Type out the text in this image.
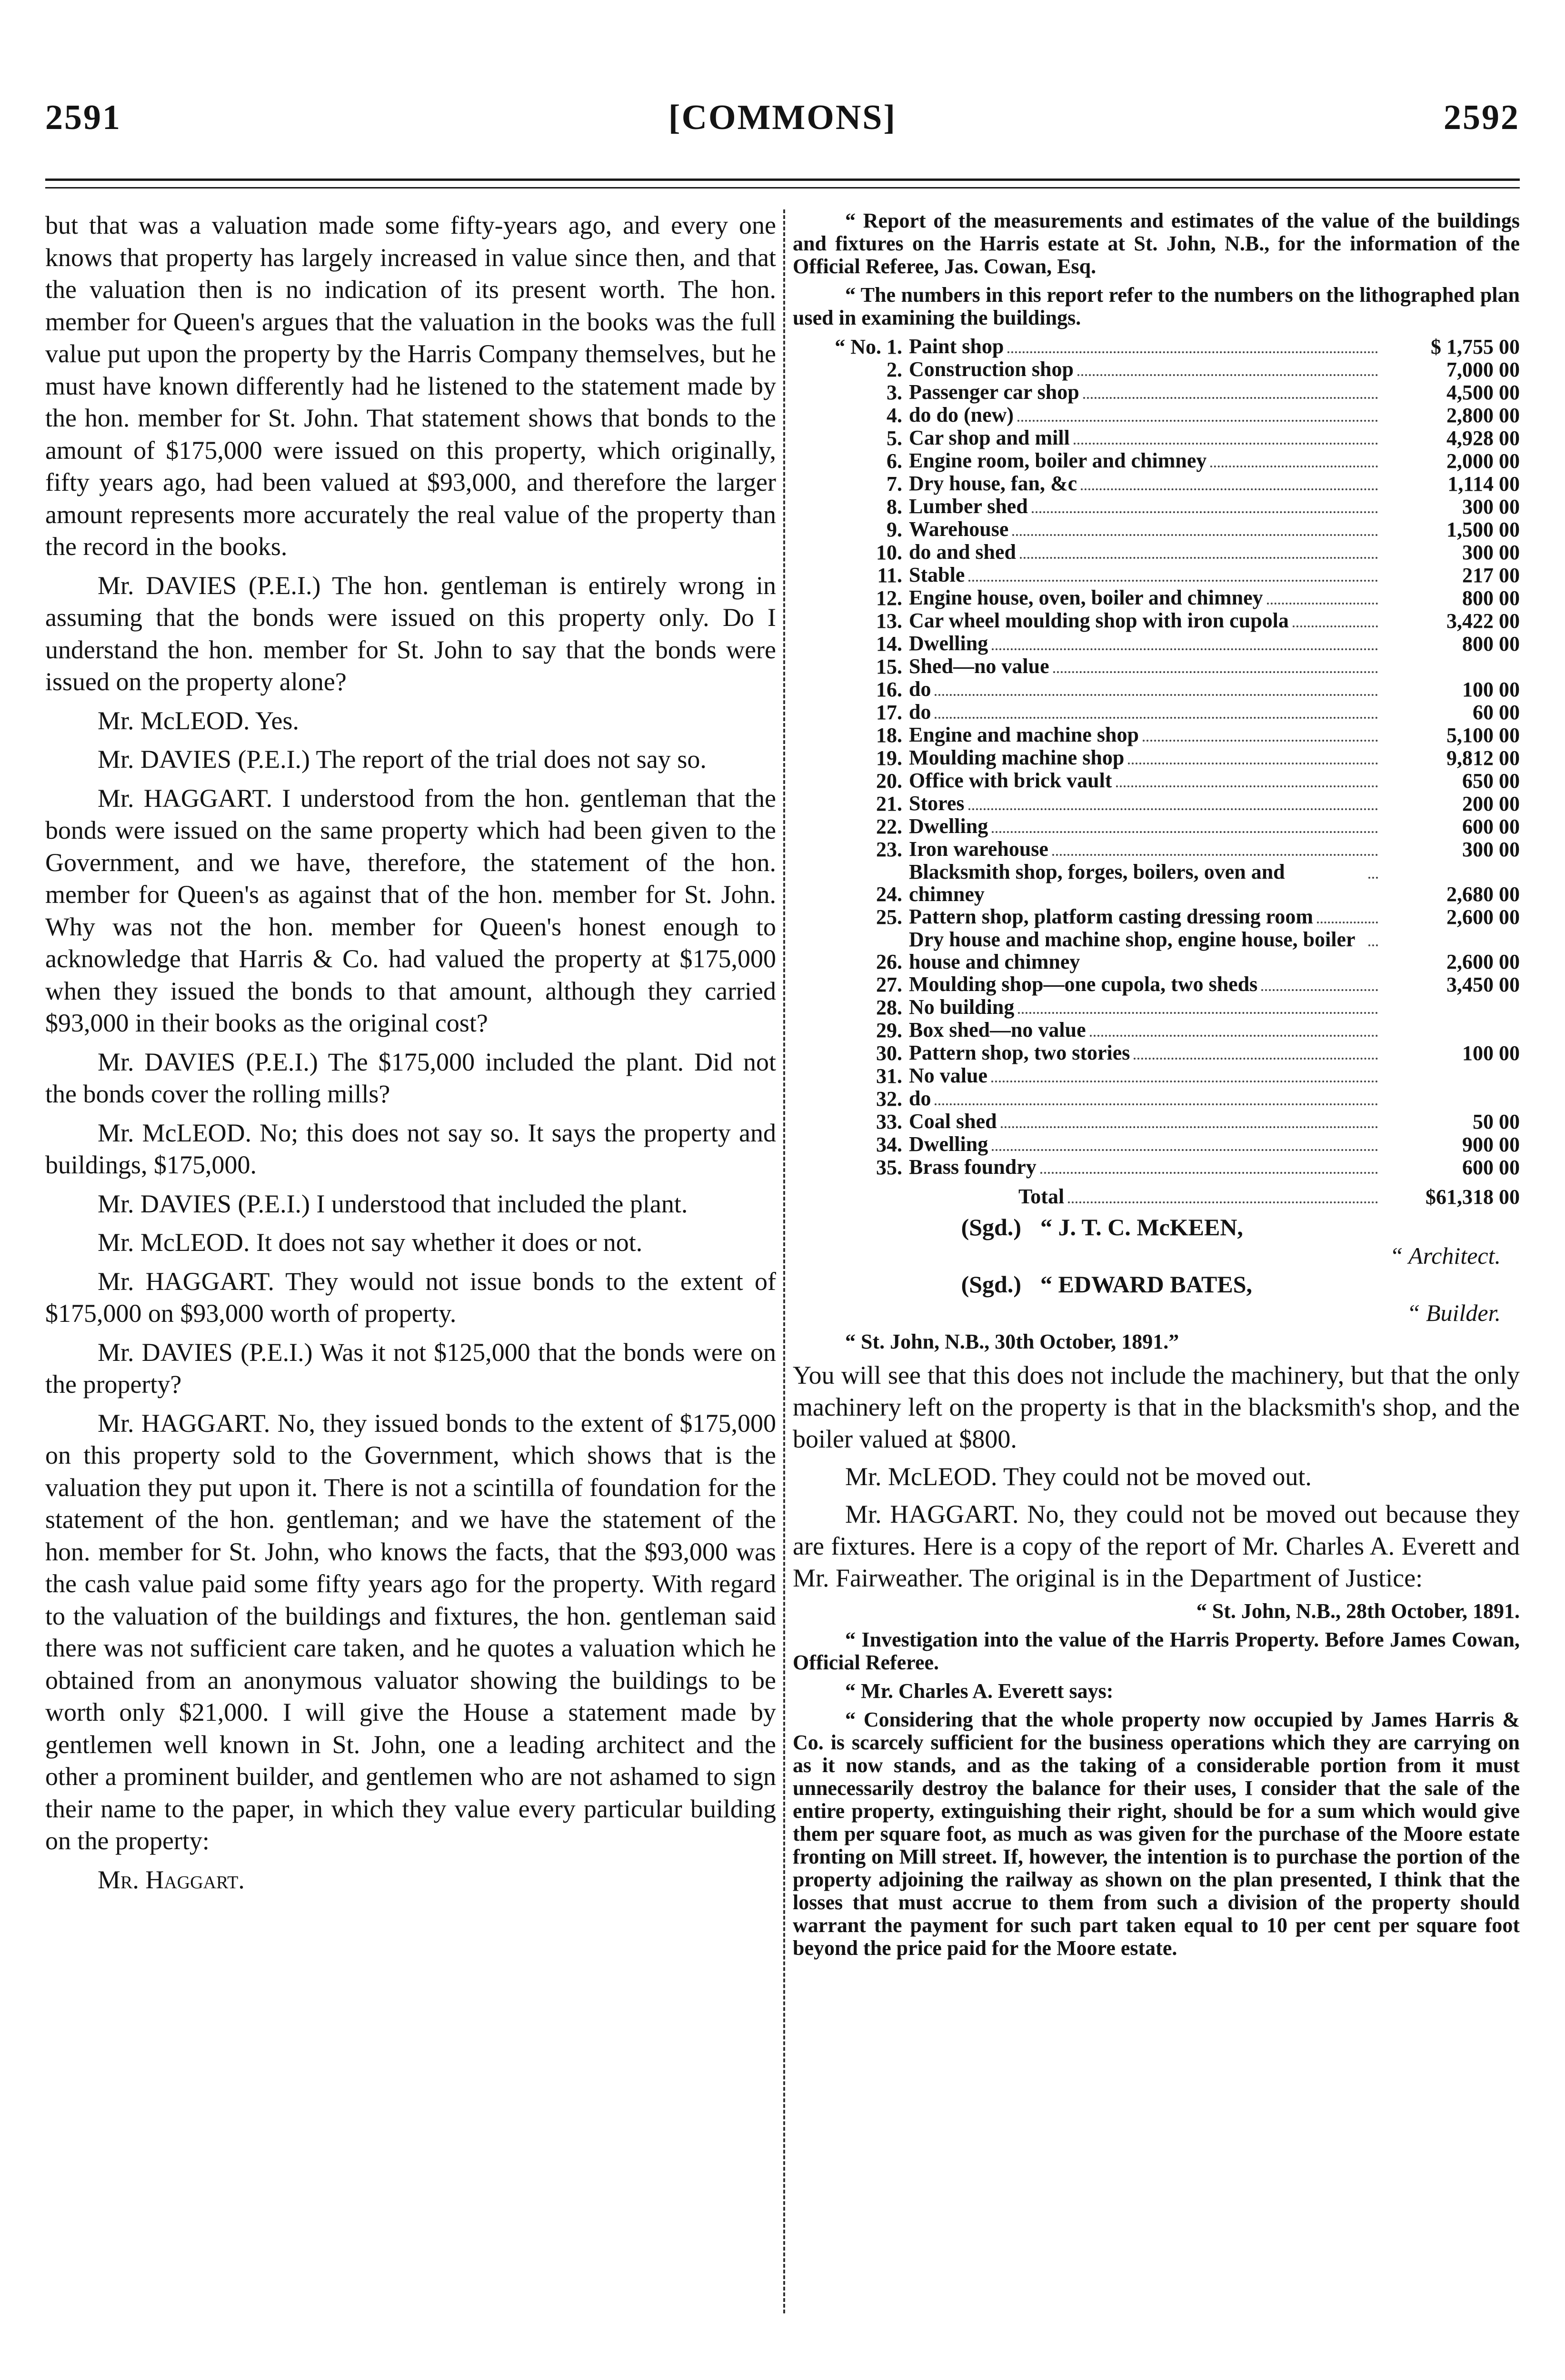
2591	[COMMONS]	2592

but that was a valuation made some fifty-years ago, and every one knows that property has largely increased in value since then, and that the valuation then is no indication of its present worth. The hon. member for Queen's argues that the valuation in the books was the full value put upon the property by the Harris Company themselves, but he must have known differently had he listened to the statement made by the hon. member for St. John. That statement shows that bonds to the amount of $175,000 were issued on this property, which originally, fifty years ago, had been valued at $93,000, and therefore the larger amount represents more accurately the real value of the property than the record in the books.

Mr. DAVIES (P.E.I.) The hon. gentleman is entirely wrong in assuming that the bonds were issued on this property only. Do I understand the hon. member for St. John to say that the bonds were issued on the property alone?

Mr. McLEOD. Yes.

Mr. DAVIES (P.E.I.) The report of the trial does not say so.

Mr. HAGGART. I understood from the hon. gentleman that the bonds were issued on the same property which had been given to the Government, and we have, therefore, the statement of the hon. member for Queen's as against that of the hon. member for St. John. Why was not the hon. member for Queen's honest enough to acknowledge that Harris & Co. had valued the property at $175,000 when they issued the bonds to that amount, although they carried $93,000 in their books as the original cost?

Mr. DAVIES (P.E.I.) The $175,000 included the plant. Did not the bonds cover the rolling mills?

Mr. McLEOD. No; this does not say so. It says the property and buildings, $175,000.

Mr. DAVIES (P.E.I.) I understood that included the plant.

Mr. McLEOD. It does not say whether it does or not.

Mr. HAGGART. They would not issue bonds to the extent of $175,000 on $93,000 worth of property.

Mr. DAVIES (P.E.I.) Was it not $125,000 that the bonds were on the property?

Mr. HAGGART. No, they issued bonds to the extent of $175,000 on this property sold to the Government, which shows that is the valuation they put upon it. There is not a scintilla of foundation for the statement of the hon. gentleman; and we have the statement of the hon. member for St. John, who knows the facts, that the $93,000 was the cash value paid some fifty years ago for the property. With regard to the valuation of the buildings and fixtures, the hon. gentleman said there was not sufficient care taken, and he quotes a valuation which he obtained from an anonymous valuator showing the buildings to be worth only $21,000. I will give the House a statement made by gentlemen well known in St. John, one a leading architect and the other a prominent builder, and gentlemen who are not ashamed to sign their name to the paper, in which they value every particular building on the property:

Mr. Haggart.

“ Report of the measurements and estimates of the value of the buildings and fixtures on the Harris estate at St. John, N.B., for the information of the Official Referee, Jas. Cowan, Esq.

“ The numbers in this report refer to the numbers on the lithographed plan used in examining the buildings.

“ No. 1.	Paint shop	$ 1,755 00
2.	Construction shop	7,000 00
3.	Passenger car shop	4,500 00
4.	do do (new)	2,800 00
5.	Car shop and mill	4,928 00
6.	Engine room, boiler and chimney	2,000 00
7.	Dry house, fan, &c	1,114 00
8.	Lumber shed	300 00
9.	Warehouse	1,500 00
10.	do and shed	300 00
11.	Stable	217 00
12.	Engine house, oven, boiler and chimney	800 00
13.	Car wheel moulding shop with iron cupola	3,422 00
14.	Dwelling	800 00
15.	Shed—no value	

16.	do	100 00
17.	do	60 00
18.	Engine and machine shop	5,100 00
19.	Moulding machine shop	9,812 00
20.	Office with brick vault	650 00
21.	Stores	200 00
22.	Dwelling	600 00
23.	Iron warehouse	300 00
24.	Blacksmith shop, forges, boilers, oven and chimney	2,680 00
25.	Pattern shop, platform casting dressing room	2,600 00
26.	Dry house and machine shop, engine house, boiler house and chimney	2,600 00
27.	Moulding shop—one cupola, two sheds	3,450 00
28.	No building	

29.	Box shed—no value	

30.	Pattern shop, two stories	100 00
31.	No value	

32.	do	

33.	Coal shed	50 00
34.	Dwelling	900 00
35.	Brass foundry	600 00

	Total	$61,318 00
(Sgd.) “ J. T. C. McKEEN,
“ Architect.
(Sgd.) “ EDWARD BATES,
“ Builder.

“ St. John, N.B., 30th October, 1891.”

You will see that this does not include the machinery, but that the only machinery left on the property is that in the blacksmith's shop, and the boiler valued at $800.

Mr. McLEOD. They could not be moved out.

Mr. HAGGART. No, they could not be moved out because they are fixtures. Here is a copy of the report of Mr. Charles A. Everett and Mr. Fairweather. The original is in the Department of Justice:

“ St. John, N.B., 28th October, 1891.

“ Investigation into the value of the Harris Property. Before James Cowan, Official Referee.

“ Mr. Charles A. Everett says:

“ Considering that the whole property now occupied by James Harris & Co. is scarcely sufficient for the business operations which they are carrying on as it now stands, and as the taking of a considerable portion from it must unnecessarily destroy the balance for their uses, I consider that the sale of the entire property, extinguishing their right, should be for a sum which would give them per square foot, as much as was given for the purchase of the Moore estate fronting on Mill street. If, however, the intention is to purchase the portion of the property adjoining the railway as shown on the plan presented, I think that the losses that must accrue to them from such a division of the property should warrant the payment for such part taken equal to 10 per cent per square foot beyond the price paid for the Moore estate.
